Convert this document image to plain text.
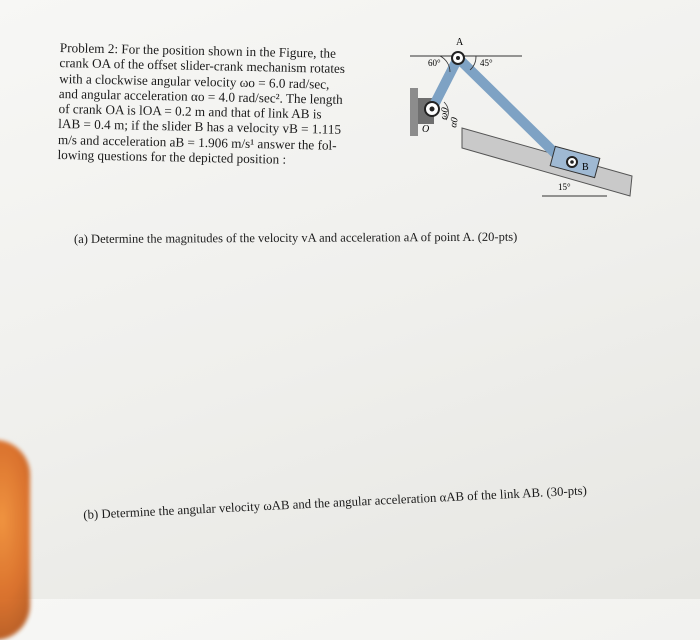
Problem 2: For the position shown in the Figure, the
crank OA of the offset slider-crank mechanism rotates
with a clockwise angular velocity ωo = 6.0 rad/sec,
and angular acceleration αo = 4.0 rad/sec². The length
of crank OA is lOA = 0.2 m and that of link AB is
lAB = 0.4 m; if the slider B has a velocity vB = 1.115
m/s and acceleration aB = 1.906 m/s¹ answer the fol-
lowing questions for the depicted position :
A
60°	45°
O
ω0
α0
B
15°
(a) Determine the magnitudes of the velocity vA and acceleration aA of point A. (20-pts)
(b) Determine the angular velocity ωAB and the angular acceleration αAB of the link AB. (30-pts)
